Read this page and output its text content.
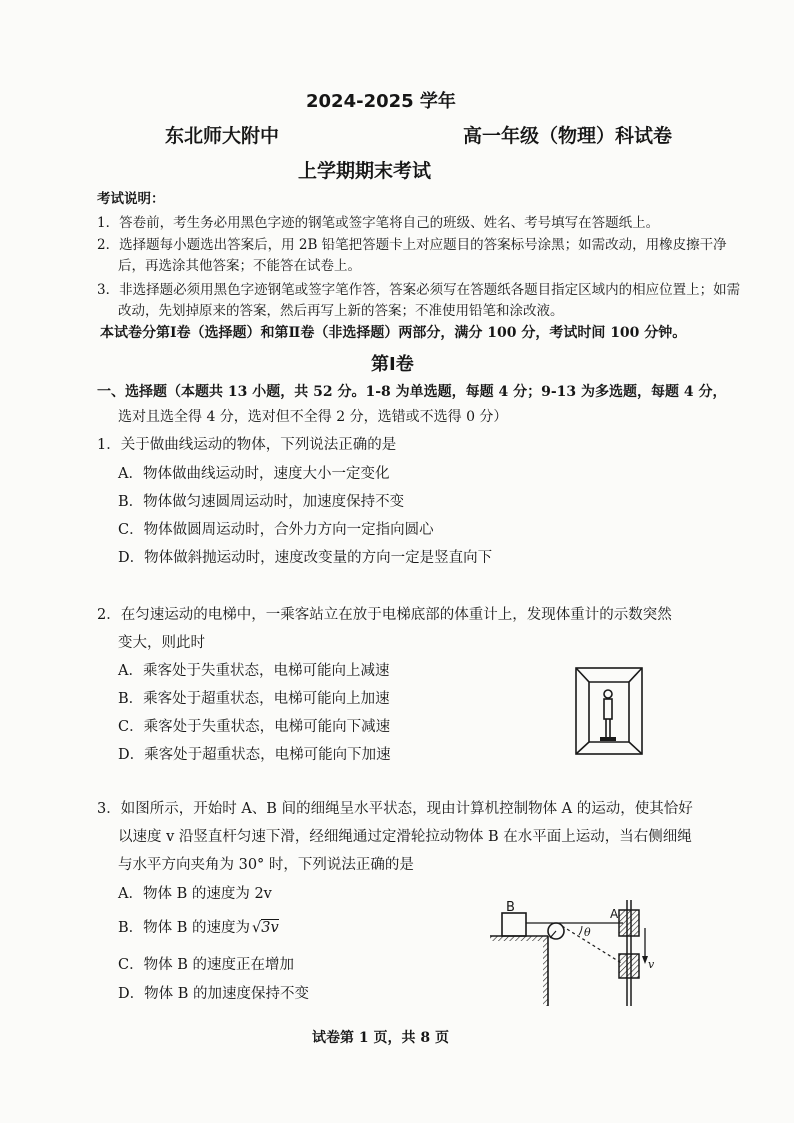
2024-2025 学年
东北师大附中	高一年级（物理）科试卷
上学期期末考试
考试说明：
1．答卷前，考生务必用黑色字迹的钢笔或签字笔将自己的班级、姓名、考号填写在答题纸上。
2．选择题每小题选出答案后，用 2B 铅笔把答题卡上对应题目的答案标号涂黑；如需改动，用橡皮擦干净
后，再选涂其他答案；不能答在试卷上。
3．非选择题必须用黑色字迹钢笔或签字笔作答，答案必须写在答题纸各题目指定区域内的相应位置上；如需
改动，先划掉原来的答案，然后再写上新的答案；不准使用铅笔和涂改液。
本试卷分第Ⅰ卷（选择题）和第Ⅱ卷（非选择题）两部分，满分 100 分，考试时间 100 分钟。
第Ⅰ卷
一、选择题（本题共 13 小题，共 52 分。1-8 为单选题，每题 4 分；9-13 为多选题，每题 4 分，
选对且选全得 4 分，选对但不全得 2 分，选错或不选得 0 分）
1．关于做曲线运动的物体，下列说法正确的是
A．物体做曲线运动时，速度大小一定变化
B．物体做匀速圆周运动时，加速度保持不变
C．物体做圆周运动时，合外力方向一定指向圆心
D．物体做斜抛运动时，速度改变量的方向一定是竖直向下
2．在匀速运动的电梯中，一乘客站立在放于电梯底部的体重计上，发现体重计的示数突然
变大，则此时
A．乘客处于失重状态，电梯可能向上减速
B．乘客处于超重状态，电梯可能向上加速
C．乘客处于失重状态，电梯可能向下减速
D．乘客处于超重状态，电梯可能向下加速
3．如图所示，开始时 A、B 间的细绳呈水平状态，现由计算机控制物体 A 的运动，使其恰好
以速度 v 沿竖直杆匀速下滑，经细绳通过定滑轮拉动物体 B 在水平面上运动，当右侧细绳
与水平方向夹角为 30° 时，下列说法正确的是
A．物体 B 的速度为 2v
B．物体 B 的速度为 √3v
C．物体 B 的速度正在增加
D．物体 B 的加速度保持不变
B	A
θ
v
试卷第 1 页，共 8 页
